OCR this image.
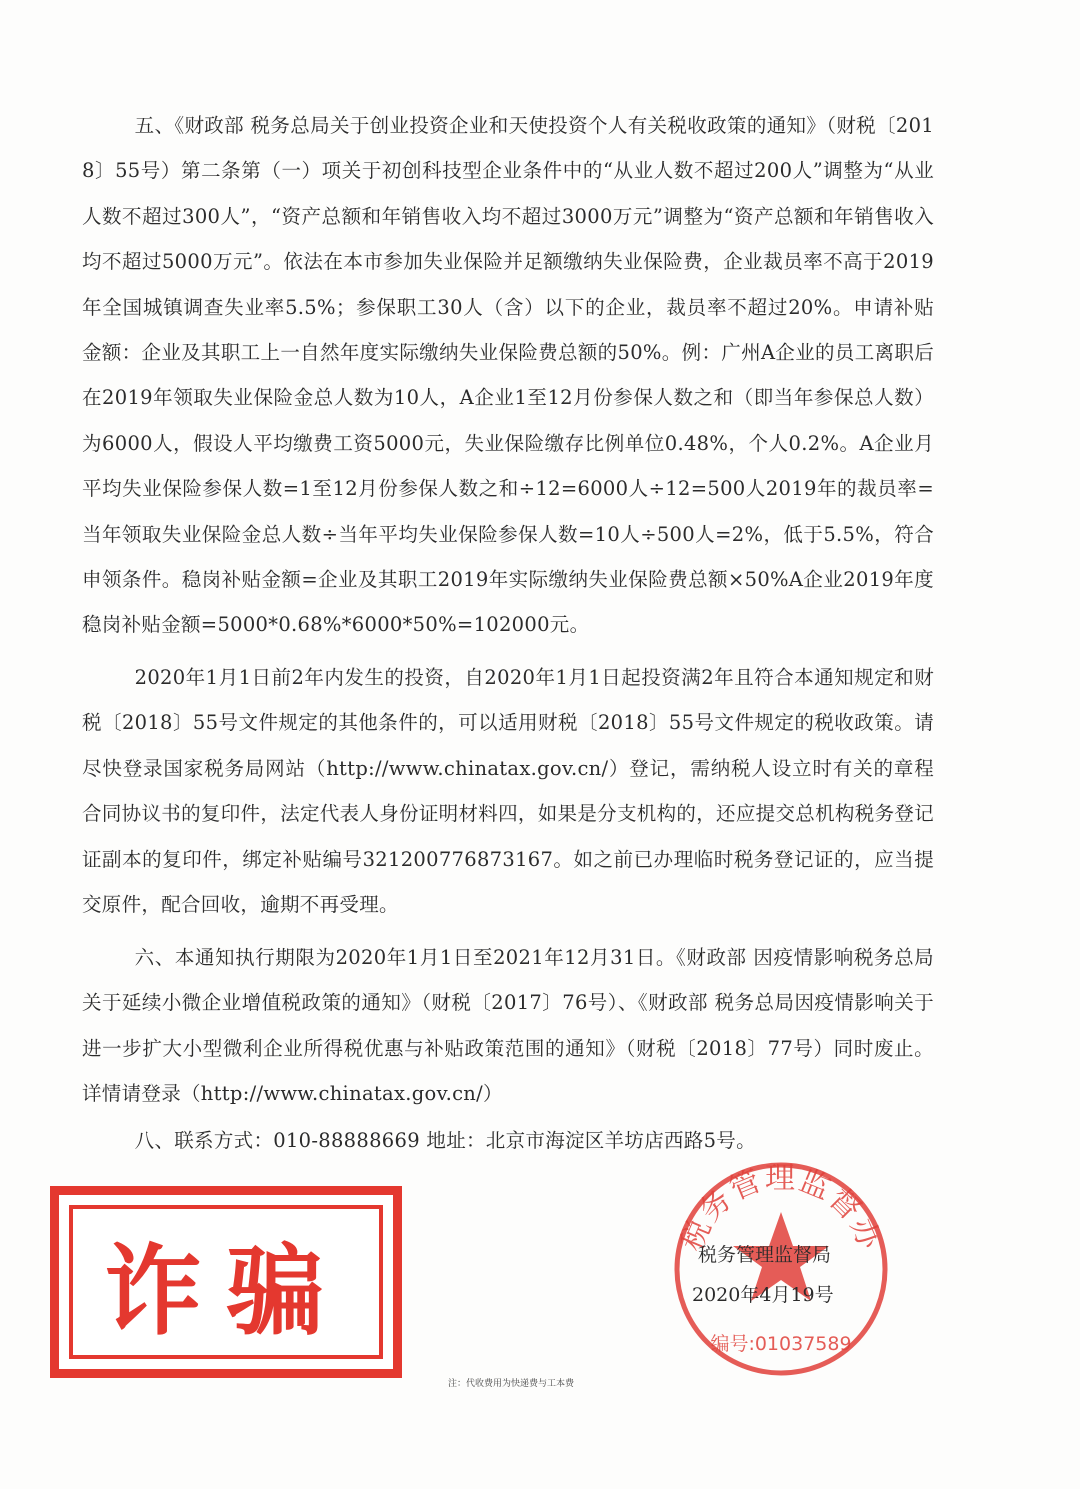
五、《财政部 税务总局关于创业投资企业和天使投资个人有关税收政策的通知》（财税〔2018〕55号）第二条第（一）项关于初创科技型企业条件中的“从业人数不超过200人”调整为“从业人数不超过300人”，“资产总额和年销售收入均不超过3000万元”调整为“资产总额和年销售收入均不超过5000万元”。依法在本市参加失业保险并足额缴纳失业保险费，企业裁员率不高于2019年全国城镇调查失业率5.5%；参保职工30人（含）以下的企业，裁员率不超过20%。申请补贴金额：企业及其职工上一自然年度实际缴纳失业保险费总额的50%。例：广州A企业的员工离职后在2019年领取失业保险金总人数为10人，A企业1至12月份参保人数之和（即当年参保总人数）为6000人，假设人平均缴费工资5000元，失业保险缴存比例单位0.48%，个人0.2%。A企业月平均失业保险参保人数=1至12月份参保人数之和÷12=6000人÷12=500人2019年的裁员率=当年领取失业保险金总人数÷当年平均失业保险参保人数=10人÷500人=2%，低于5.5%，符合申领条件。稳岗补贴金额=企业及其职工2019年实际缴纳失业保险费总额×50%A企业2019年度稳岗补贴金额=5000*0.68%*6000*50%=102000元。

2020年1月1日前2年内发生的投资，自2020年1月1日起投资满2年且符合本通知规定和财税〔2018〕55号文件规定的其他条件的，可以适用财税〔2018〕55号文件规定的税收政策。请尽快登录国家税务局网站（http://www.chinatax.gov.cn/）登记，需纳税人设立时有关的章程合同协议书的复印件，法定代表人身份证明材料四，如果是分支机构的，还应提交总机构税务登记证副本的复印件，绑定补贴编号321200776873167。如之前已办理临时税务登记证的，应当提交原件，配合回收，逾期不再受理。

六、本通知执行期限为2020年1月1日至2021年12月31日。《财政部 因疫情影响税务总局关于延续小微企业增值税政策的通知》（财税〔2017〕76号）、《财政部 税务总局因疫情影响关于进一步扩大小型微利企业所得税优惠与补贴政策范围的通知》（财税〔2018〕77号）同时废止。详情请登录（http://www.chinatax.gov.cn/）

八、联系方式：010-88888669 地址：北京市海淀区羊坊店西路5号。

税务管理监督办
编号:01037589
税务管理监督局
2020年4月19号
诈骗
注：代收费用为快递费与工本费
